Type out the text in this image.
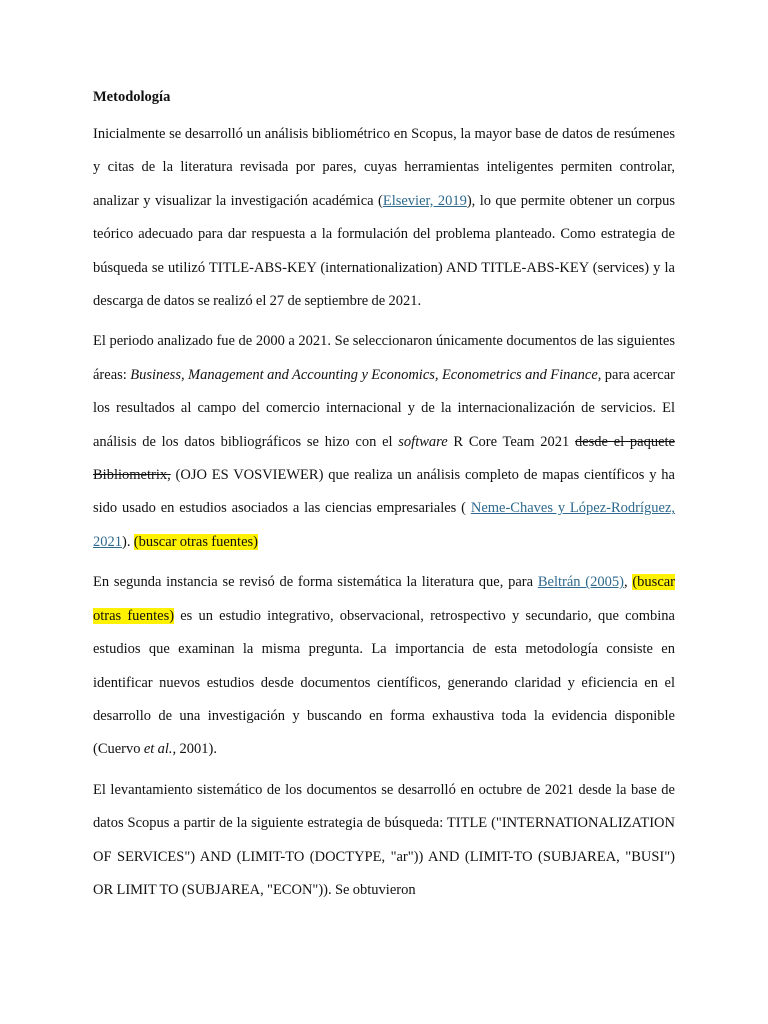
Metodología

Inicialmente se desarrolló un análisis bibliométrico en Scopus, la mayor base de datos de resúmenes y citas de la literatura revisada por pares, cuyas herramientas inteligentes permiten controlar, analizar y visualizar la investigación académica (Elsevier, 2019), lo que permite obtener un corpus teórico adecuado para dar respuesta a la formulación del problema planteado. Como estrategia de búsqueda se utilizó TITLE-ABS-KEY (internationalization) AND TITLE-ABS-KEY (services) y la descarga de datos se realizó el 27 de septiembre de 2021.

El periodo analizado fue de 2000 a 2021. Se seleccionaron únicamente documentos de las siguientes áreas: Business, Management and Accounting y Economics, Econometrics and Finance, para acercar los resultados al campo del comercio internacional y de la internacionalización de servicios. El análisis de los datos bibliográficos se hizo con el software R Core Team 2021 desde el paquete Bibliometrix, (OJO ES VOSVIEWER) que realiza un análisis completo de mapas científicos y ha sido usado en estudios asociados a las ciencias empresariales ( Neme-Chaves y López-Rodríguez, 2021). (buscar otras fuentes)

En segunda instancia se revisó de forma sistemática la literatura que, para Beltrán (2005), (buscar otras fuentes) es un estudio integrativo, observacional, retrospectivo y secundario, que combina estudios que examinan la misma pregunta. La importancia de esta metodología consiste en identificar nuevos estudios desde documentos científicos, generando claridad y eficiencia en el desarrollo de una investigación y buscando en forma exhaustiva toda la evidencia disponible (Cuervo et al., 2001).

El levantamiento sistemático de los documentos se desarrolló en octubre de 2021 desde la base de datos Scopus a partir de la siguiente estrategia de búsqueda: TITLE ("INTERNATIONALIZATION OF SERVICES") AND (LIMIT-TO (DOCTYPE, "ar")) AND (LIMIT-TO (SUBJAREA, "BUSI") OR LIMIT TO (SUBJAREA, "ECON")). Se obtuvieron
